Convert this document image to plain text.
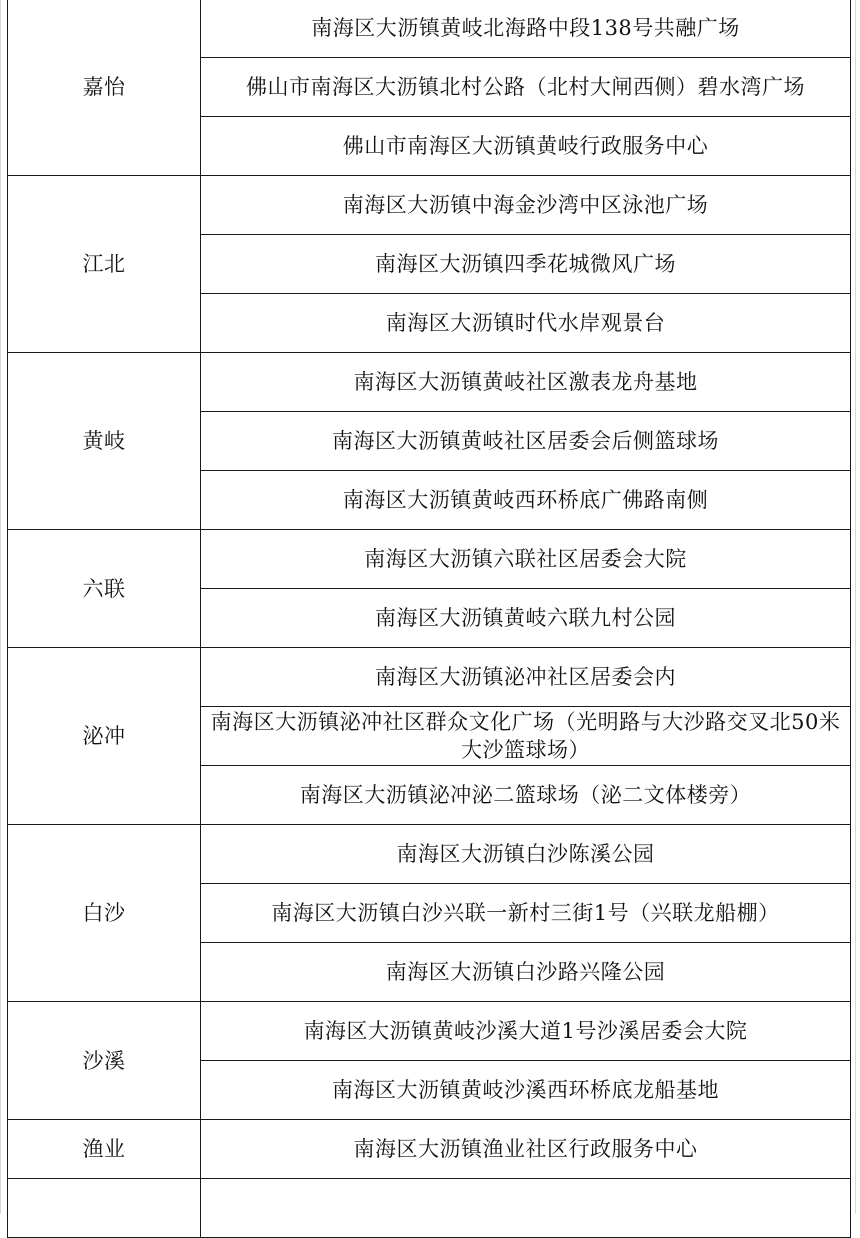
嘉怡	南海区大沥镇黄岐北海路中段138号共融广场
	佛山市南海区大沥镇北村公路（北村大闸西侧）碧水湾广场
	佛山市南海区大沥镇黄岐行政服务中心
江北	南海区大沥镇中海金沙湾中区泳池广场
	南海区大沥镇四季花城微风广场
	南海区大沥镇时代水岸观景台
黄岐	南海区大沥镇黄岐社区激表龙舟基地
	南海区大沥镇黄岐社区居委会后侧篮球场
	南海区大沥镇黄岐西环桥底广佛路南侧
六联	南海区大沥镇六联社区居委会大院
	南海区大沥镇黄岐六联九村公园
泌冲	南海区大沥镇泌冲社区居委会内
	南海区大沥镇泌冲社区群众文化广场（光明路与大沙路交叉北50米大沙篮球场）
	南海区大沥镇泌冲泌二篮球场（泌二文体楼旁）
白沙	南海区大沥镇白沙陈溪公园
	南海区大沥镇白沙兴联一新村三街1号（兴联龙船棚）
	南海区大沥镇白沙路兴隆公园
沙溪	南海区大沥镇黄岐沙溪大道1号沙溪居委会大院
	南海区大沥镇黄岐沙溪西环桥底龙船基地
渔业	南海区大沥镇渔业社区行政服务中心
